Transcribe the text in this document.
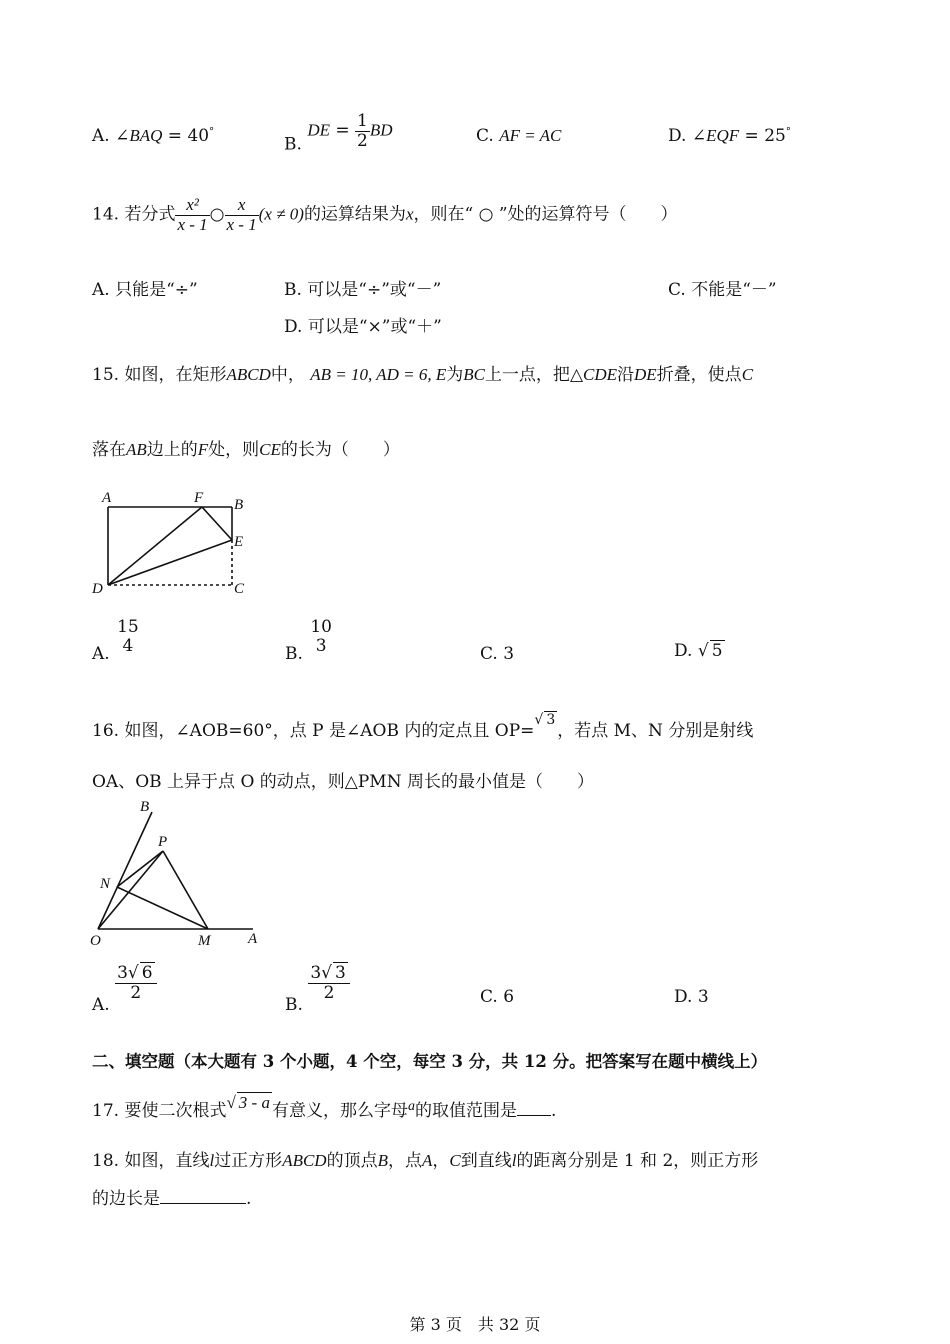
A. ∠BAQ = 40°
B. DE = $\frac{1}{2}$ BD	C. AF = AC	D. ∠EQF = 25°
14. 若分式 $\frac{\text{x²}}{x - 1}$ ○ $\frac{x}{x - 1} (x \ne 0)$的运算结果为x，则在“ ○ ”处的运算符号（　　）
A. 只能是“÷”	B. 可以是“÷”或“－”	C. 不能是“－”
D. 可以是“×”或“＋”
15. 如图，在矩形ABCD中， AB = 10, AD = 6, E为BC上一点，把△CDE沿DE折叠，使点C
落在AB边上的F处，则CE的长为（　　）
A	F B
E
D	C
A.
15
4	B.
10
3	C. 3	D. √ 5
16. 如图，∠AOB=60°，点 P 是∠AOB 内的定点且 OP=√ 3，若点 M、N 分别是射线
OA、OB 上异于点 O 的动点，则△PMN 周长的最小值是（　　）
B
P
N
O	M	A
A.
$\frac{3√ 6}{2}$
B.
$\frac{3√ 3}{2}$	C. 6	D. 3
二、填空题（本大题有 3 个小题，4 个空，每空 3 分，共 12 分。把答案写在题中横线上）
17. 要使二次根式√ 3 - a 有意义，那么字母$^a$的取值范围是 .
18. 如图，直线l过正方形ABCD的顶点B，点A，C到直线l的距离分别是 1 和 2，则正方形
的边长是	.
第 3 页　共 32 页
